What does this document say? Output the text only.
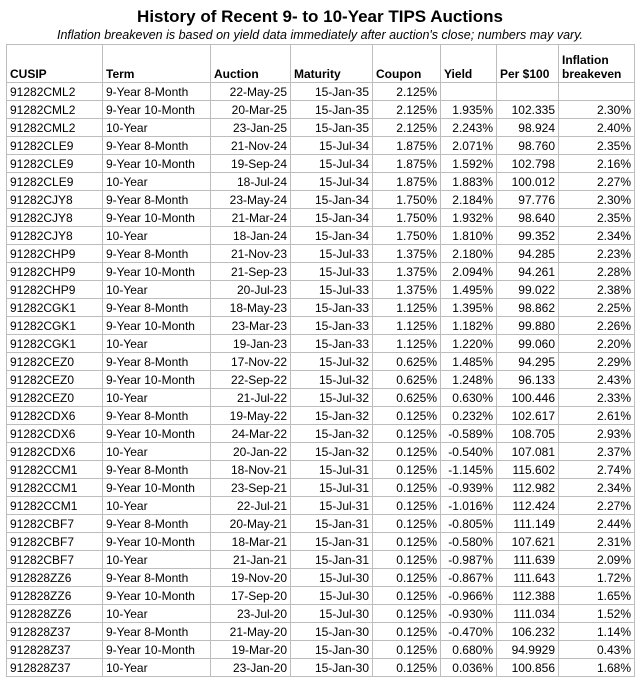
History of Recent 9- to 10-Year TIPS Auctions
Inflation breakeven is based on yield data immediately after auction's close; numbers may vary.
CUSIP	Term	Auction	Maturity	Coupon	Yield	Per $100	Inflation
breakeven
91282CML2	9-Year 8-Month	22-May-25	15-Jan-35	2.125%			
91282CML2	9-Year 10-Month	20-Mar-25	15-Jan-35	2.125%	1.935%	102.335	2.30%
91282CML2	10-Year	23-Jan-25	15-Jan-35	2.125%	2.243%	98.924	2.40%
91282CLE9	9-Year 8-Month	21-Nov-24	15-Jul-34	1.875%	2.071%	98.760	2.35%
91282CLE9	9-Year 10-Month	19-Sep-24	15-Jul-34	1.875%	1.592%	102.798	2.16%
91282CLE9	10-Year	18-Jul-24	15-Jul-34	1.875%	1.883%	100.012	2.27%
91282CJY8	9-Year 8-Month	23-May-24	15-Jan-34	1.750%	2.184%	97.776	2.30%
91282CJY8	9-Year 10-Month	21-Mar-24	15-Jan-34	1.750%	1.932%	98.640	2.35%
91282CJY8	10-Year	18-Jan-24	15-Jan-34	1.750%	1.810%	99.352	2.34%
91282CHP9	9-Year 8-Month	21-Nov-23	15-Jul-33	1.375%	2.180%	94.285	2.23%
91282CHP9	9-Year 10-Month	21-Sep-23	15-Jul-33	1.375%	2.094%	94.261	2.28%
91282CHP9	10-Year	20-Jul-23	15-Jul-33	1.375%	1.495%	99.022	2.38%
91282CGK1	9-Year 8-Month	18-May-23	15-Jan-33	1.125%	1.395%	98.862	2.25%
91282CGK1	9-Year 10-Month	23-Mar-23	15-Jan-33	1.125%	1.182%	99.880	2.26%
91282CGK1	10-Year	19-Jan-23	15-Jan-33	1.125%	1.220%	99.060	2.20%
91282CEZ0	9-Year 8-Month	17-Nov-22	15-Jul-32	0.625%	1.485%	94.295	2.29%
91282CEZ0	9-Year 10-Month	22-Sep-22	15-Jul-32	0.625%	1.248%	96.133	2.43%
91282CEZ0	10-Year	21-Jul-22	15-Jul-32	0.625%	0.630%	100.446	2.33%
91282CDX6	9-Year 8-Month	19-May-22	15-Jan-32	0.125%	0.232%	102.617	2.61%
91282CDX6	9-Year 10-Month	24-Mar-22	15-Jan-32	0.125%	-0.589%	108.705	2.93%
91282CDX6	10-Year	20-Jan-22	15-Jan-32	0.125%	-0.540%	107.081	2.37%
91282CCM1	9-Year 8-Month	18-Nov-21	15-Jul-31	0.125%	-1.145%	115.602	2.74%
91282CCM1	9-Year 10-Month	23-Sep-21	15-Jul-31	0.125%	-0.939%	112.982	2.34%
91282CCM1	10-Year	22-Jul-21	15-Jul-31	0.125%	-1.016%	112.424	2.27%
91282CBF7	9-Year 8-Month	20-May-21	15-Jan-31	0.125%	-0.805%	111.149	2.44%
91282CBF7	9-Year 10-Month	18-Mar-21	15-Jan-31	0.125%	-0.580%	107.621	2.31%
91282CBF7	10-Year	21-Jan-21	15-Jan-31	0.125%	-0.987%	111.639	2.09%
912828ZZ6	9-Year 8-Month	19-Nov-20	15-Jul-30	0.125%	-0.867%	111.643	1.72%
912828ZZ6	9-Year 10-Month	17-Sep-20	15-Jul-30	0.125%	-0.966%	112.388	1.65%
912828ZZ6	10-Year	23-Jul-20	15-Jul-30	0.125%	-0.930%	111.034	1.52%
912828Z37	9-Year 8-Month	21-May-20	15-Jan-30	0.125%	-0.470%	106.232	1.14%
912828Z37	9-Year 10-Month	19-Mar-20	15-Jan-30	0.125%	0.680%	94.9929	0.43%
912828Z37	10-Year	23-Jan-20	15-Jan-30	0.125%	0.036%	100.856	1.68%
